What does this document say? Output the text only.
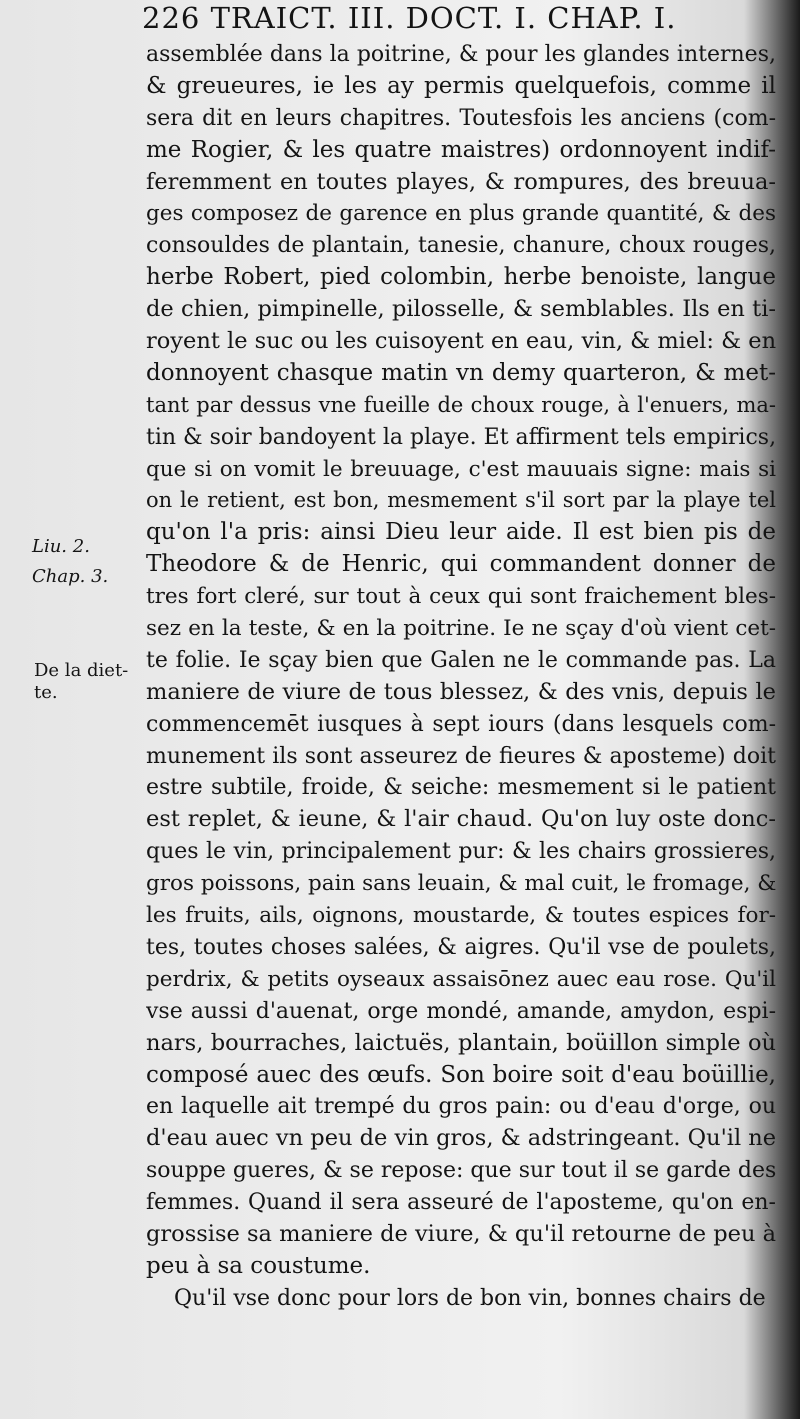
226 TRAICT. III. DOCT. I. CHAP. I.
Liu. 2.
Chap. 3.
De la diet-
te.
assemblée dans la poitrine, & pour les glandes internes,
& greueures, ie les ay permis quelquefois, comme il
sera dit en leurs chapitres. Toutesfois les anciens (com-
me Rogier, & les quatre maistres) ordonnoyent indif-
feremment en toutes playes, & rompures, des breuua-
ges composez de garence en plus grande quantité, & des
consouldes de plantain, tanesie, chanure, choux rouges,
herbe Robert, pied colombin, herbe benoiste, langue
de chien, pimpinelle, pilosselle, & semblables. Ils en ti-
royent le suc ou les cuisoyent en eau, vin, & miel: & en
donnoyent chasque matin vn demy quarteron, & met-
tant par dessus vne fueille de choux rouge, à l'enuers, ma-
tin & soir bandoyent la playe. Et affirment tels empirics,
que si on vomit le breuuage, c'est mauuais signe: mais si
on le retient, est bon, mesmement s'il sort par la playe tel
qu'on l'a pris: ainsi Dieu leur aide. Il est bien pis de
Theodore & de Henric, qui commandent donner de
tres fort cleré, sur tout à ceux qui sont fraichement bles-
sez en la teste, & en la poitrine. Ie ne sçay d'où vient cet-
te folie. Ie sçay bien que Galen ne le commande pas. La
maniere de viure de tous blessez, & des vnis, depuis le
commencemēt iusques à sept iours (dans lesquels com-
munement ils sont asseurez de fieures & aposteme) doit
estre subtile, froide, & seiche: mesmement si le patient
est replet, & ieune, & l'air chaud. Qu'on luy oste donc-
ques le vin, principalement pur: & les chairs grossieres,
gros poissons, pain sans leuain, & mal cuit, le fromage, &
les fruits, ails, oignons, moustarde, & toutes espices for-
tes, toutes choses salées, & aigres. Qu'il vse de poulets,
perdrix, & petits oyseaux assaisōnez auec eau rose. Qu'il
vse aussi d'auenat, orge mondé, amande, amydon, espi-
nars, bourraches, laictuës, plantain, boüillon simple où
composé auec des œufs. Son boire soit d'eau boüillie,
en laquelle ait trempé du gros pain: ou d'eau d'orge, ou
d'eau auec vn peu de vin gros, & adstringeant. Qu'il ne
souppe gueres, & se repose: que sur tout il se garde des
femmes. Quand il sera asseuré de l'aposteme, qu'on en-
grossise sa maniere de viure, & qu'il retourne de peu à
peu à sa coustume.
Qu'il vse donc pour lors de bon vin, bonnes chairs de
